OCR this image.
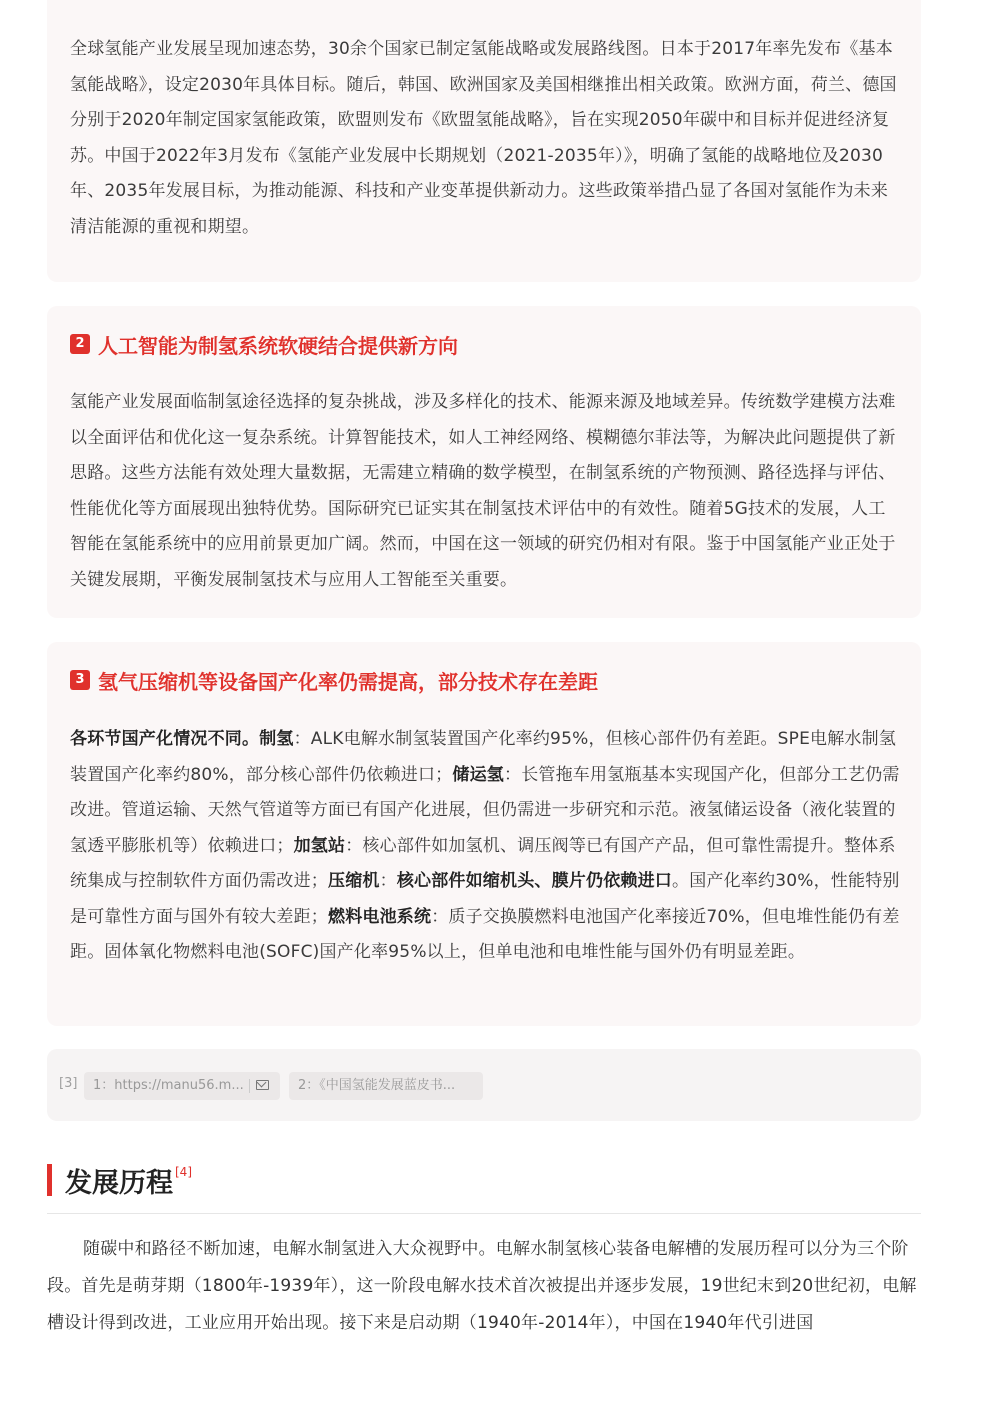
全球氢能产业发展呈现加速态势，30余个国家已制定氢能战略或发展路线图。日本于2017年率先发布《基本氢能战略》，设定2030年具体目标。随后，韩国、欧洲国家及美国相继推出相关政策。欧洲方面，荷兰、德国分别于2020年制定国家氢能政策，欧盟则发布《欧盟氢能战略》，旨在实现2050年碳中和目标并促进经济复苏。中国于2022年3月发布《氢能产业发展中长期规划（2021-2035年）》，明确了氢能的战略地位及2030年、2035年发展目标，为推动能源、科技和产业变革提供新动力。这些政策举措凸显了各国对氢能作为未来清洁能源的重视和期望。

2 人工智能为制氢系统软硬结合提供新方向

氢能产业发展面临制氢途径选择的复杂挑战，涉及多样化的技术、能源来源及地域差异。传统数学建模方法难以全面评估和优化这一复杂系统。计算智能技术，如人工神经网络、模糊德尔菲法等，为解决此问题提供了新思路。这些方法能有效处理大量数据，无需建立精确的数学模型，在制氢系统的产物预测、路径选择与评估、性能优化等方面展现出独特优势。国际研究已证实其在制氢技术评估中的有效性。随着5G技术的发展，人工智能在氢能系统中的应用前景更加广阔。然而，中国在这一领域的研究仍相对有限。鉴于中国氢能产业正处于关键发展期，平衡发展制氢技术与应用人工智能至关重要。

3 氢气压缩机等设备国产化率仍需提高，部分技术存在差距

各环节国产化情况不同。制氢：ALK电解水制氢装置国产化率约95%，但核心部件仍有差距。SPE电解水制氢装置国产化率约80%，部分核心部件仍依赖进口；储运氢：长管拖车用氢瓶基本实现国产化，但部分工艺仍需改进。管道运输、天然气管道等方面已有国产化进展，但仍需进一步研究和示范。液氢储运设备（液化装置的氢透平膨胀机等）依赖进口；加氢站：核心部件如加氢机、调压阀等已有国产产品，但可靠性需提升。整体系统集成与控制软件方面仍需改进；压缩机：核心部件如缩机头、膜片仍依赖进口。国产化率约30%，性能特别是可靠性方面与国外有较大差距；燃料电池系统：质子交换膜燃料电池国产化率接近70%，但电堆性能仍有差距。固体氧化物燃料电池(SOFC)国产化率95%以上，但单电池和电堆性能与国外仍有明显差距。

[3]	1：https://manu56.m...	2：《中国氢能发展蓝皮书...
发展历程 [4]

随碳中和路径不断加速，电解水制氢进入大众视野中。电解水制氢核心装备电解槽的发展历程可以分为三个阶段。首先是萌芽期（1800年-1939年），这一阶段电解水技术首次被提出并逐步发展，19世纪末到20世纪初，电解槽设计得到改进，工业应用开始出现。接下来是启动期（1940年-2014年），中国在1940年代引进国
